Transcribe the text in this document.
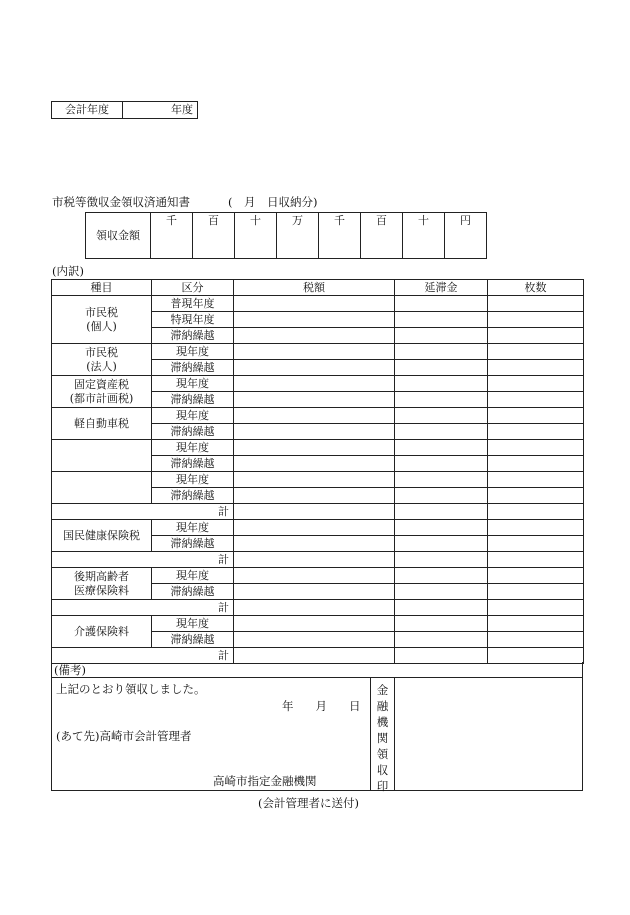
会計年度	年度
市税等徴収金領収済通知書	(　月　日収納分)
領収金額	千	百	十	万	千	百	十	円
(内訳)
種目	区分	税額	延滞金	枚数
市民税
(個人)	普現年度			
	特現年度			
	滞納繰越			
市民税
(法人)	現年度			
	滞納繰越			
固定資産税
(都市計画税)	現年度			
	滞納繰越			
軽自動車税	現年度			
	滞納繰越			
	現年度			
	滞納繰越			
	現年度			
	滞納繰越			
計				
国民健康保険税	現年度			
	滞納繰越			
計				
後期高齢者
医療保険料	現年度			
	滞納繰越			
計				
介護保険料	現年度			
	滞納繰越			
計				
(備考)
上記のとおり領収しました。
年 月 日
(あて先)高崎市会計管理者
高崎市指定金融機関
金
融
機
関
領
収
印
(会計管理者に送付)
